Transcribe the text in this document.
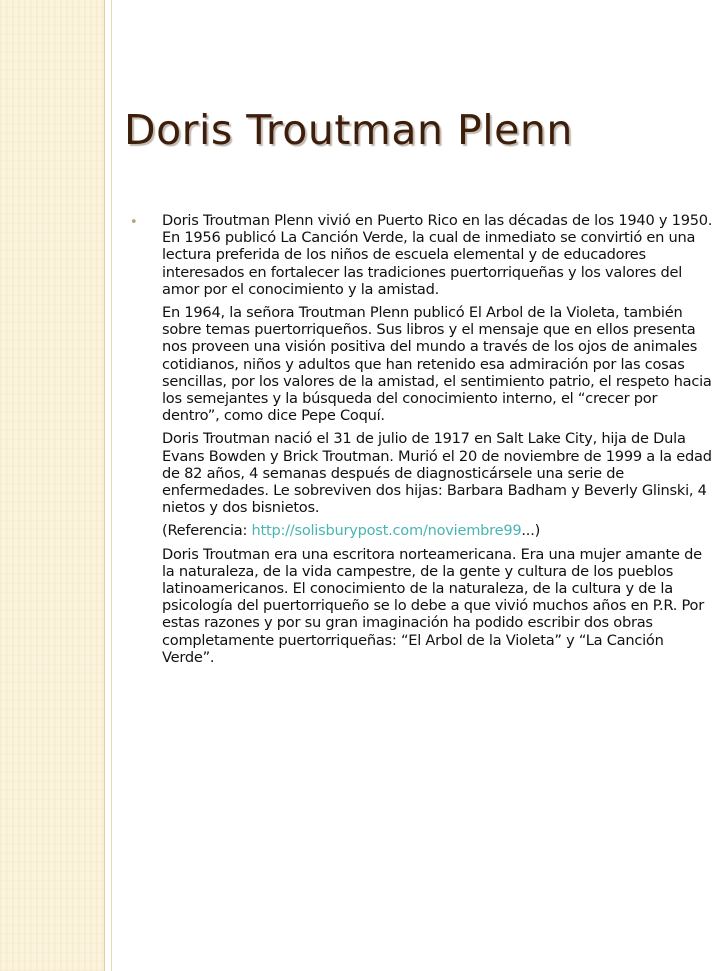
Doris Troutman Plenn
• Doris Troutman Plenn vivió en Puerto Rico en las décadas de los 1940 y 1950. En 1956 publicó La Canción Verde, la cual de inmediato se convirtió en una lectura preferida de los niños de escuela elemental y de educadores interesados en fortalecer las tradiciones puertorriqueñas y los valores del amor por el conocimiento y la amistad.

En 1964, la señora Troutman Plenn publicó El Arbol de la Violeta, también sobre temas puertorriqueños. Sus libros y el mensaje que en ellos presenta nos proveen una visión positiva del mundo a través de los ojos de animales cotidianos, niños y adultos que han retenido esa admiración por las cosas sencillas, por los valores de la amistad, el sentimiento patrio, el respeto hacia los semejantes y la búsqueda del conocimiento interno, el “crecer por dentro”, como dice Pepe Coquí.

Doris Troutman nació el 31 de julio de 1917 en Salt Lake City, hija de Dula Evans Bowden y Brick Troutman. Murió el 20 de noviembre de 1999 a la edad de 82 años, 4 semanas después de diagnosticársele una serie de enfermedades. Le sobreviven dos hijas: Barbara Badham y Beverly Glinski, 4 nietos y dos bisnietos.

(Referencia: http://solisburypost.com/noviembre99...)

Doris Troutman era una escritora norteamericana. Era una mujer amante de la naturaleza, de la vida campestre, de la gente y cultura de los pueblos latinoamericanos. El conocimiento de la naturaleza, de la cultura y de la psicología del puertorriqueño se lo debe a que vivió muchos años en P.R. Por estas razones y por su gran imaginación ha podido escribir dos obras completamente puertorriqueñas: “El Arbol de la Violeta” y “La Canción Verde”.
